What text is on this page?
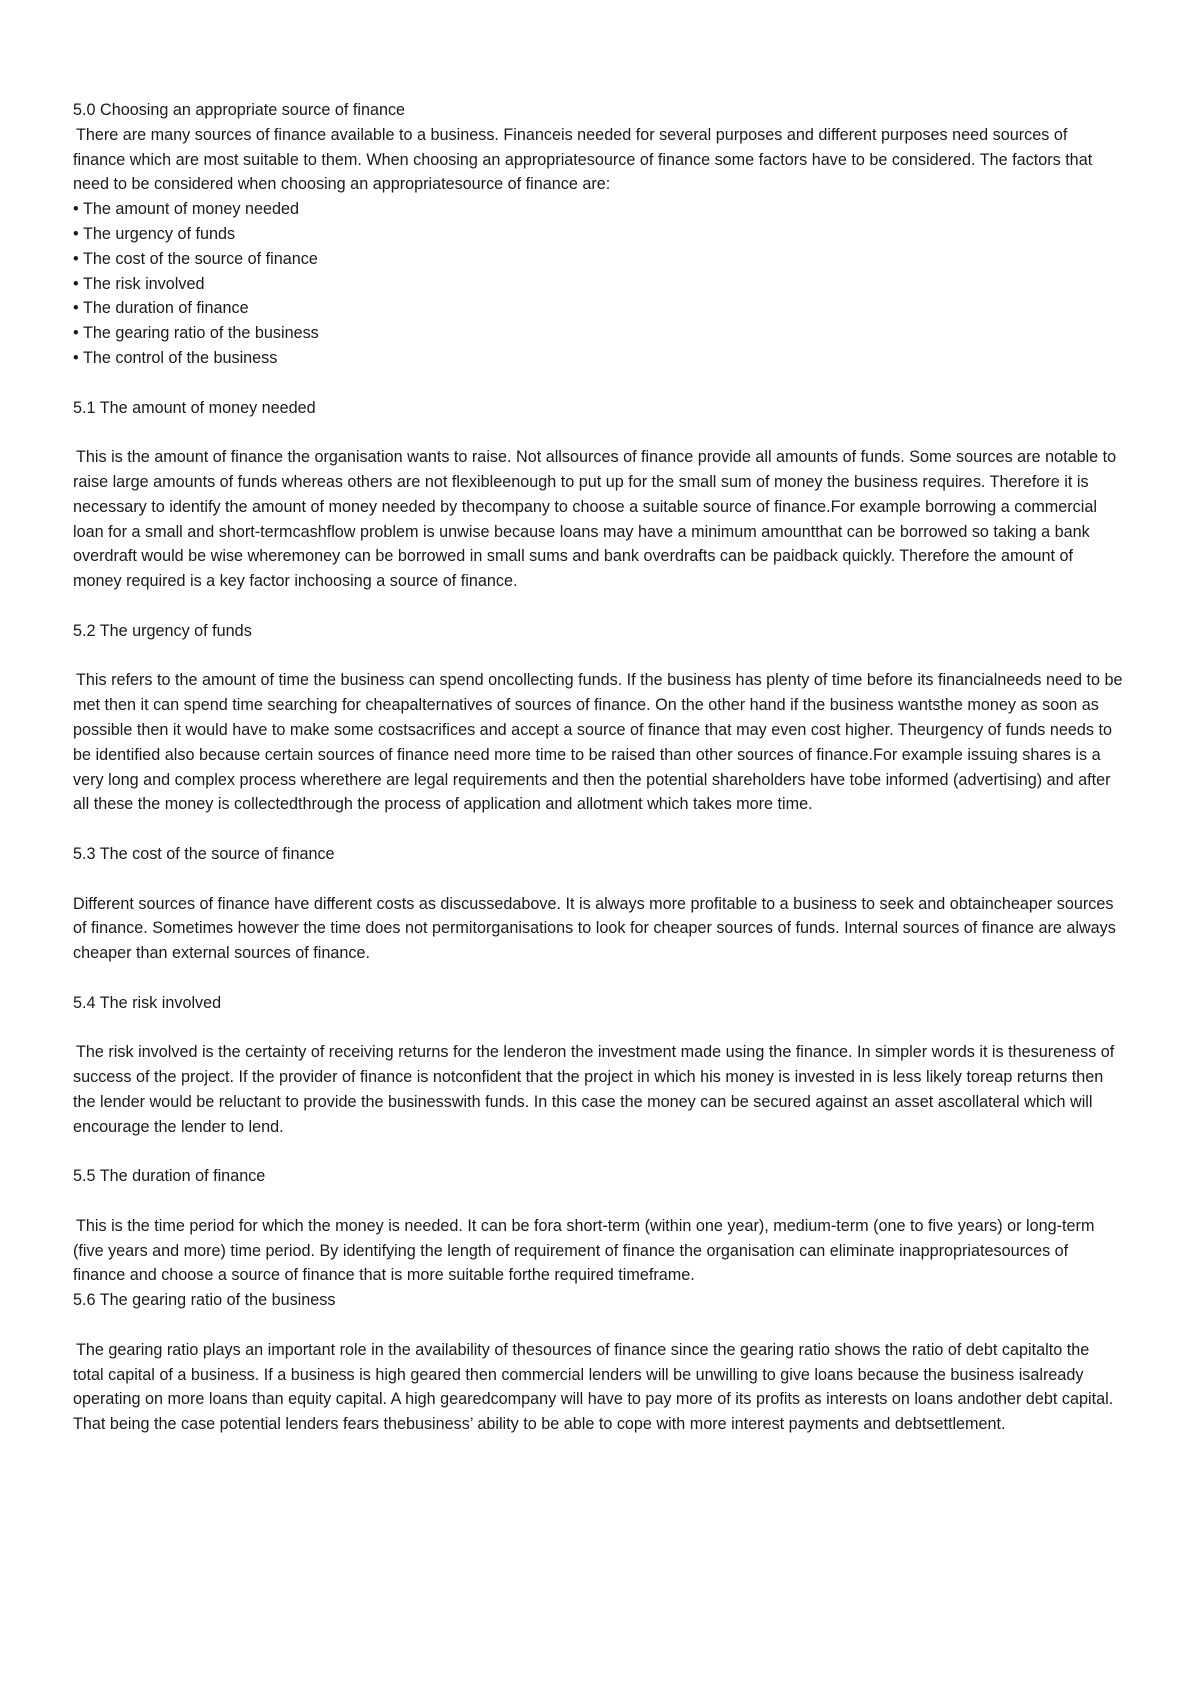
5.0 Choosing an appropriate source of finance

There are many sources of finance available to a business. Financeis needed for several purposes and different purposes need sources of finance which are most suitable to them. When choosing an appropriatesource of finance some factors have to be considered. The factors that need to be considered when choosing an appropriatesource of finance are:

• The amount of money needed
• The urgency of funds
• The cost of the source of finance
• The risk involved
• The duration of finance
• The gearing ratio of the business
• The control of the business

5.1 The amount of money needed

This is the amount of finance the organisation wants to raise. Not allsources of finance provide all amounts of funds. Some sources are notable to raise large amounts of funds whereas others are not flexibleenough to put up for the small sum of money the business requires. Therefore it is necessary to identify the amount of money needed by thecompany to choose a suitable source of finance.For example borrowing a commercial loan for a small and short-termcashflow problem is unwise because loans may have a minimum amountthat can be borrowed so taking a bank overdraft would be wise wheremoney can be borrowed in small sums and bank overdrafts can be paidback quickly. Therefore the amount of money required is a key factor inchoosing a source of finance.

5.2 The urgency of funds

This refers to the amount of time the business can spend oncollecting funds. If the business has plenty of time before its financialneeds need to be met then it can spend time searching for cheapalternatives of sources of finance. On the other hand if the business wantsthe money as soon as possible then it would have to make some costsacrifices and accept a source of finance that may even cost higher. Theurgency of funds needs to be identified also because certain sources of finance need more time to be raised than other sources of finance.For example issuing shares is a very long and complex process wherethere are legal requirements and then the potential shareholders have tobe informed (advertising) and after all these the money is collectedthrough the process of application and allotment which takes more time.

5.3 The cost of the source of finance

Different sources of finance have different costs as discussedabove. It is always more profitable to a business to seek and obtaincheaper sources of finance. Sometimes however the time does not permitorganisations to look for cheaper sources of funds. Internal sources of finance are always cheaper than external sources of finance.

5.4 The risk involved

The risk involved is the certainty of receiving returns for the lenderon the investment made using the finance. In simpler words it is thesureness of success of the project. If the provider of finance is notconfident that the project in which his money is invested in is less likely toreap returns then the lender would be reluctant to provide the businesswith funds. In this case the money can be secured against an asset ascollateral which will encourage the lender to lend.

5.5 The duration of finance

This is the time period for which the money is needed. It can be fora short-term (within one year), medium-term (one to five years) or long-term (five years and more) time period. By identifying the length of requirement of finance the organisation can eliminate inappropriatesources of finance and choose a source of finance that is more suitable forthe required timeframe.

5.6 The gearing ratio of the business

The gearing ratio plays an important role in the availability of thesources of finance since the gearing ratio shows the ratio of debt capitalto the total capital of a business. If a business is high geared then commercial lenders will be unwilling to give loans because the business isalready operating on more loans than equity capital. A high gearedcompany will have to pay more of its profits as interests on loans andother debt capital. That being the case potential lenders fears thebusiness’ ability to be able to cope with more interest payments and debtsettlement.
